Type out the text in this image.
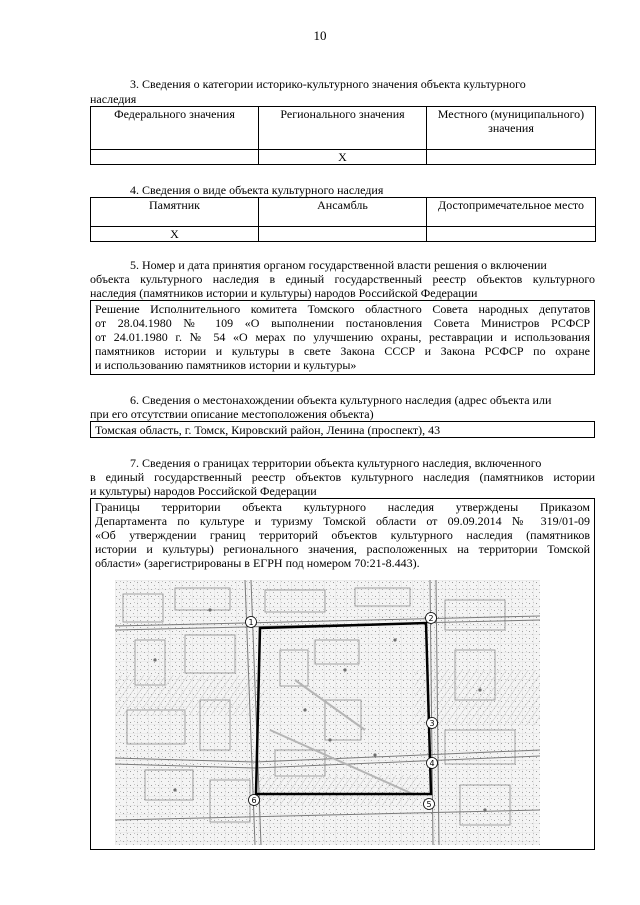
10
3. Сведения о категории историко-культурного значения объекта культурного
наследия
Федерального значения	Регионального значения	Местного (муниципального) значения
	X	
4. Сведения о виде объекта культурного наследия
Памятник	Ансамбль	Достопримечательное место
X		
5. Номер и дата принятия органом государственной власти решения о включении
объекта культурного наследия в единый государственный реестр объектов культурного
наследия (памятников истории и культуры) народов Российской Федерации
Решение Исполнительного комитета Томского областного Совета народных депутатов
от 28.04.1980 № 109 «О выполнении постановления Совета Министров РСФСР
от 24.01.1980 г. № 54 «О мерах по улучшению охраны, реставрации и использования
памятников истории и культуры в свете Закона СССР и Закона РСФСР по охране
и использованию памятников истории и культуры»
6. Сведения о местонахождении объекта культурного наследия (адрес объекта или
при его отсутствии описание местоположения объекта)
Томская область, г. Томск, Кировский район, Ленина (проспект), 43
7. Сведения о границах территории объекта культурного наследия, включенного
в единый государственный реестр объектов культурного наследия (памятников истории
и культуры) народов Российской Федерации
Границы территории объекта культурного наследия утверждены Приказом
Департамента по культуре и туризму Томской области от 09.09.2014 № 319/01-09
«Об утверждении границ территорий объектов культурного наследия (памятников
истории и культуры) регионального значения, расположенных на территории Томской
области» (зарегистрированы в ЕГРН под номером 70:21-8.443).
1	2
3
4
5
6
